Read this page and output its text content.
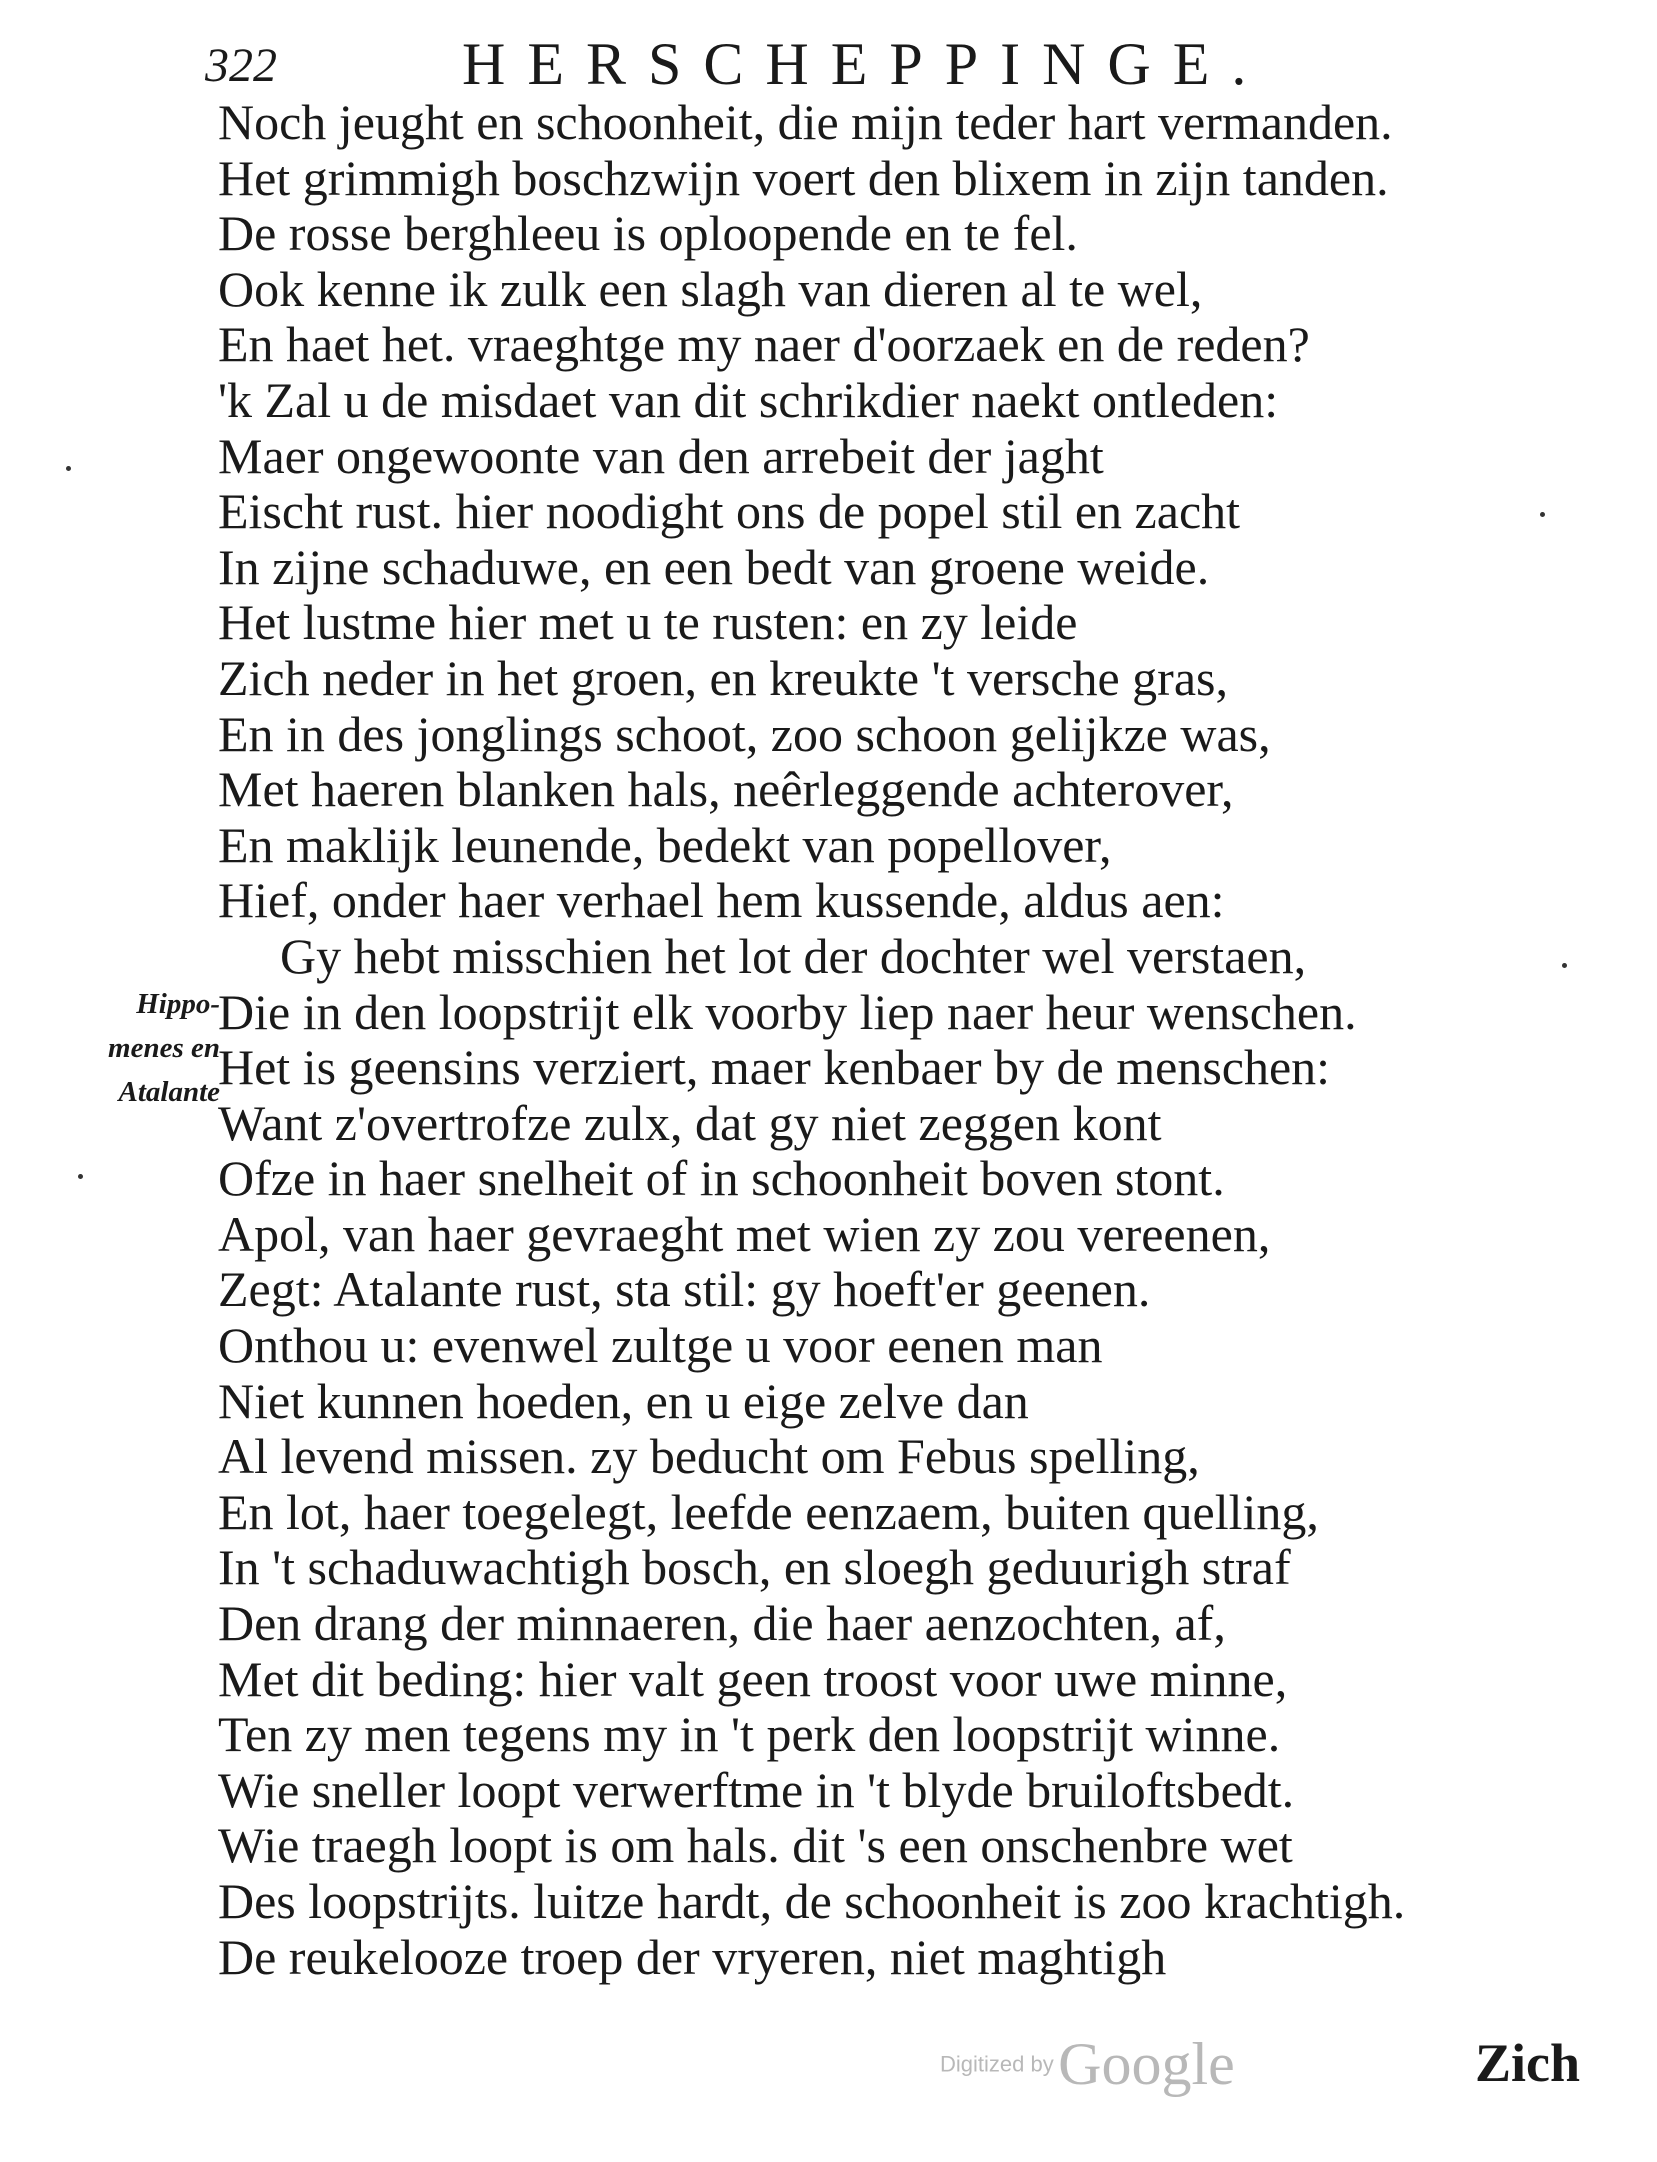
322	HERSCHEPPINGE.
Hippo-
menes en
Atalante
Noch jeught en schoonheit, die mijn teder hart vermanden.
Het grimmigh boschzwijn voert den blixem in zijn tanden.
De rosse berghleeu is oploopende en te fel.
Ook kenne ik zulk een slagh van dieren al te wel,
En haet het. vraeghtge my naer d'oorzaek en de reden?
'k Zal u de misdaet van dit schrikdier naekt ontleden:
Maer ongewoonte van den arrebeit der jaght
Eischt rust. hier noodight ons de popel stil en zacht
In zijne schaduwe, en een bedt van groene weide.
Het lustme hier met u te rusten: en zy leide
Zich neder in het groen, en kreukte 't versche gras,
En in des jonglings schoot, zoo schoon gelijkze was,
Met haeren blanken hals, neêrleggende achterover,
En maklijk leunende, bedekt van popellover,
Hief, onder haer verhael hem kussende, aldus aen:
Gy hebt misschien het lot der dochter wel verstaen,
Die in den loopstrijt elk voorby liep naer heur wenschen.
Het is geensins verziert, maer kenbaer by de menschen:
Want z'overtrofze zulx, dat gy niet zeggen kont
Ofze in haer snelheit of in schoonheit boven stont.
Apol, van haer gevraeght met wien zy zou vereenen,
Zegt: Atalante rust, sta stil: gy hoeft'er geenen.
Onthou u: evenwel zultge u voor eenen man
Niet kunnen hoeden, en u eige zelve dan
Al levend missen. zy beducht om Febus spelling,
En lot, haer toegelegt, leefde eenzaem, buiten quelling,
In 't schaduwachtigh bosch, en sloegh geduurigh straf
Den drang der minnaeren, die haer aenzochten, af,
Met dit beding: hier valt geen troost voor uwe minne,
Ten zy men tegens my in 't perk den loopstrijt winne.
Wie sneller loopt verwerftme in 't blyde bruiloftsbedt.
Wie traegh loopt is om hals. dit 's een onschenbre wet
Des loopstrijts. luitze hardt, de schoonheit is zoo krachtigh.
De reukelooze troep der vryeren, niet maghtigh
Digitized by Google	Zich
